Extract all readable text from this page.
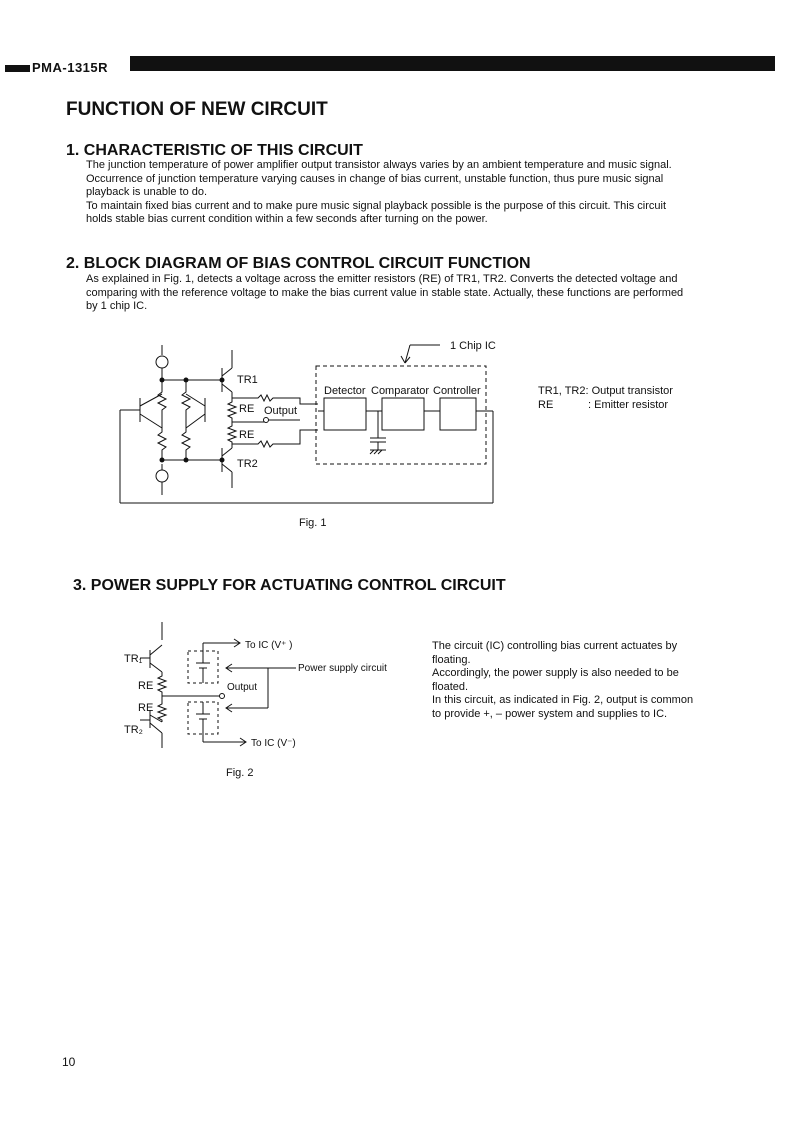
PMA-1315R
FUNCTION OF NEW CIRCUIT
1. CHARACTERISTIC OF THIS CIRCUIT
The junction temperature of power amplifier output transistor always varies by an ambient temperature and music signal.
Occurrence of junction temperature varying causes in change of bias current, unstable function, thus pure music signal
playback is unable to do.
To maintain fixed bias current and to make pure music signal playback possible is the purpose of this circuit. This circuit
holds stable bias current condition within a few seconds after turning on the power.
2. BLOCK DIAGRAM OF BIAS CONTROL CIRCUIT FUNCTION
As explained in Fig. 1, detects a voltage across the emitter resistors (RE) of TR1, TR2. Converts the detected voltage and
comparing with the reference voltage to make the bias current value in stable state. Actually, these functions are performed
by 1 chip IC.
TR1
TR2
RE
RE
Output
1 Chip IC
Detector Comparator Controller
Fig. 1
TR1, TR2: Output transistor
RE	: Emitter resistor
3. POWER SUPPLY FOR ACTUATING CONTROL CIRCUIT
To IC (V⁺ )
To IC (V⁻)
Power supply circuit
Output
TR₁
TR₂
RE
RE
Fig. 2
The circuit (IC) controlling bias current actuates by
floating.
Accordingly, the power supply is also needed to be
floated.
In this circuit, as indicated in Fig. 2, output is common
to provide +, – power system and supplies to IC.
10
